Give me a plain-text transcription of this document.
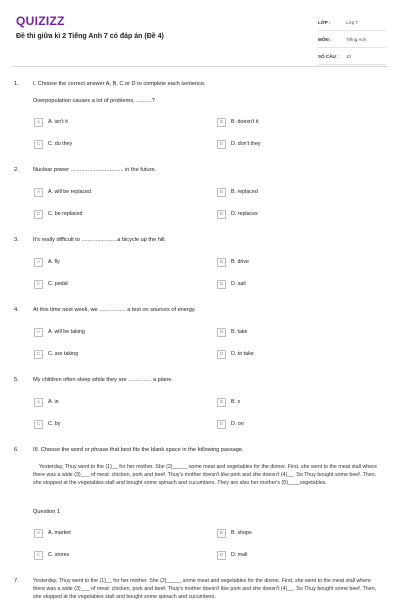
QUIZIZZ
Đề thi giữa kì 2 Tiếng Anh 7 có đáp án (Đề 4)
LỚP :	Lớp 7
MÔN :	Tiếng Anh
SỐ CÂU :	10
1.	I. Choose the correct answer A, B, C or D to complete each sentence.
Overpopulation causes a lot of problems, ..........?
A	A. isn't it	B	B. doesn't it
C	C. do they	D	D. don't they
2.	Nuclear power .................................. in the future.
A	A. will be replaced	B	B. replaced
C	C. be replaced	D	D. replaces
3.	It's really difficult to .......................a bicycle up the hill.
A	A. fly	B	B. drive
C	C. pedal	D	D. sail
4.	At this time next week, we ................. a test on sources of energy.
A	A. will be taking	B	B. take
C	C. are taking	D	D. to take
5.	My children often sleep while they are ............... a plane.
A	A. in	B	B. x
C	C. by	D	D. on
6.	III. Choose the word or phrase that best fits the blank space in the following passage.
Yesterday, Thuy went to the (1)__ for her mother. She (2)_____ some meat and vegetables for the dinner. First, she went to the meat stall where there was a wide (3)___ of meat: chicken, pork and beef. Thuy's mother doesn't like pork and she doesn't (4)__. So Thuy bought some beef. Then, she stopped at the vegetables stall and bought some spinach and cucumbers. They are also her mother's (5)____vegetables.
Question 1
A	A. market	B	B. shops
C	C. stores	D	D. mall
7.	Yesterday, Thuy went to the (1)__ for her mother. She (2)_____ some meat and vegetables for the dinner. First, she went to the meat stall where there was a wide (3)___ of meat: chicken, pork and beef. Thuy's mother doesn't like pork and she doesn't (4)__. So Thuy bought some beef. Then, she stopped at the vegetables stall and bought some spinach and cucumbers.
